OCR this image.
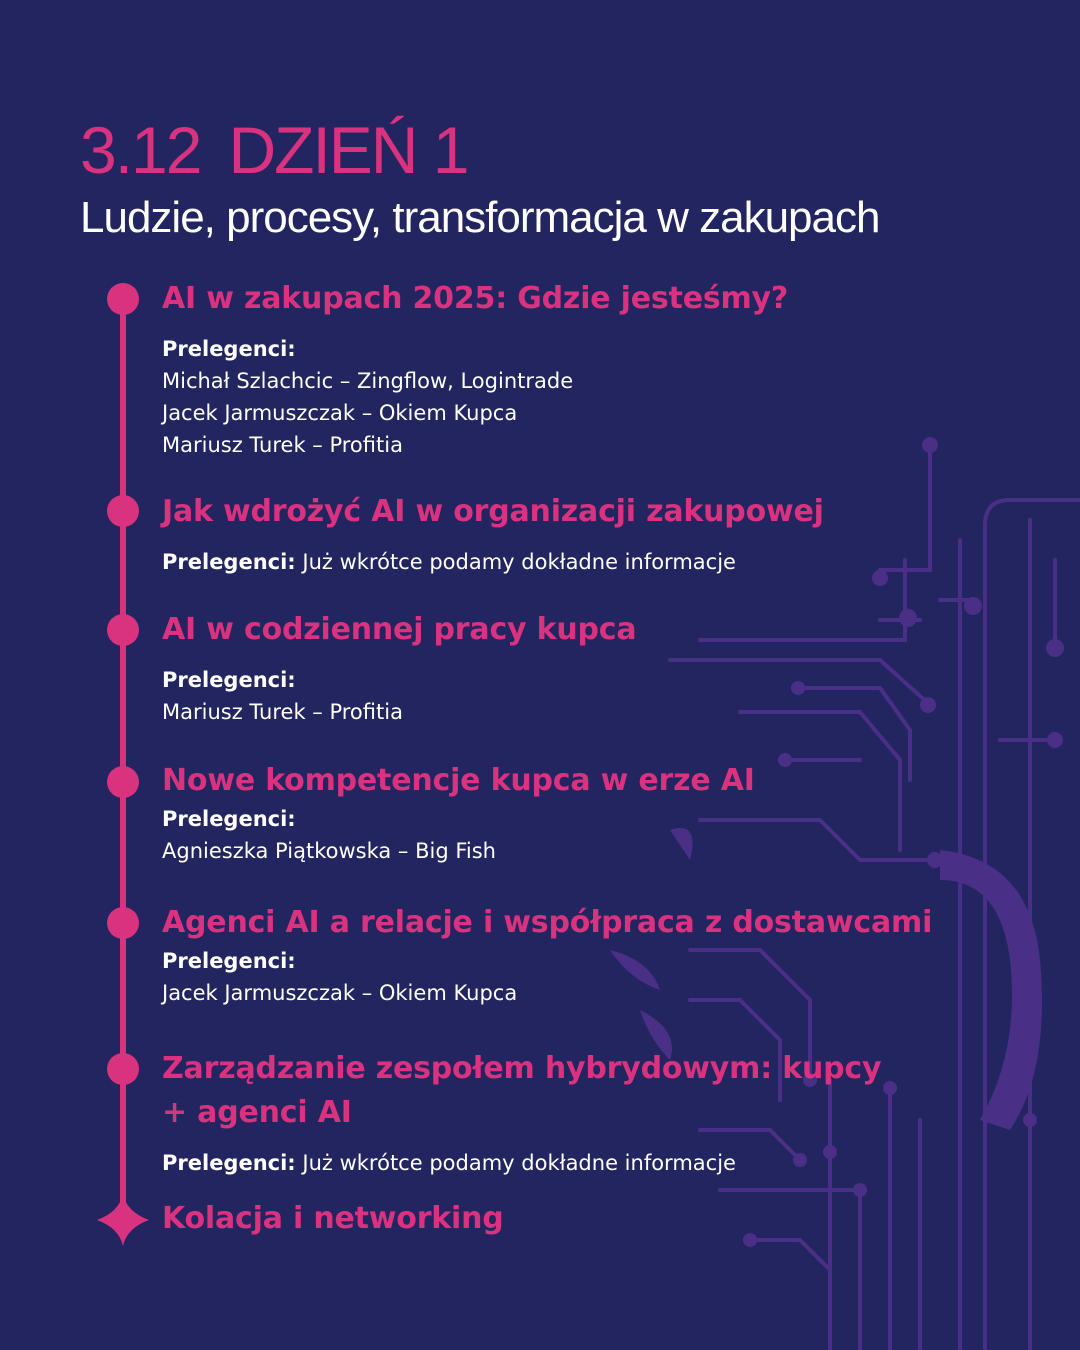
3.12 DZIEŃ 1
Ludzie, procesy, transformacja w zakupach
AI w zakupach 2025: Gdzie jesteśmy?
Prelegenci:
Michał Szlachcic – Zingflow, Logintrade
Jacek Jarmuszczak – Okiem Kupca
Mariusz Turek – Profitia
Jak wdrożyć AI w organizacji zakupowej
Prelegenci: Już wkrótce podamy dokładne informacje
AI w codziennej pracy kupca
Prelegenci:
Mariusz Turek – Profitia
Nowe kompetencje kupca w erze AI
Prelegenci:
Agnieszka Piątkowska – Big Fish
Agenci AI a relacje i współpraca z dostawcami
Prelegenci:
Jacek Jarmuszczak – Okiem Kupca
Zarządzanie zespołem hybrydowym: kupcy
+ agenci AI
Prelegenci: Już wkrótce podamy dokładne informacje
Kolacja i networking
